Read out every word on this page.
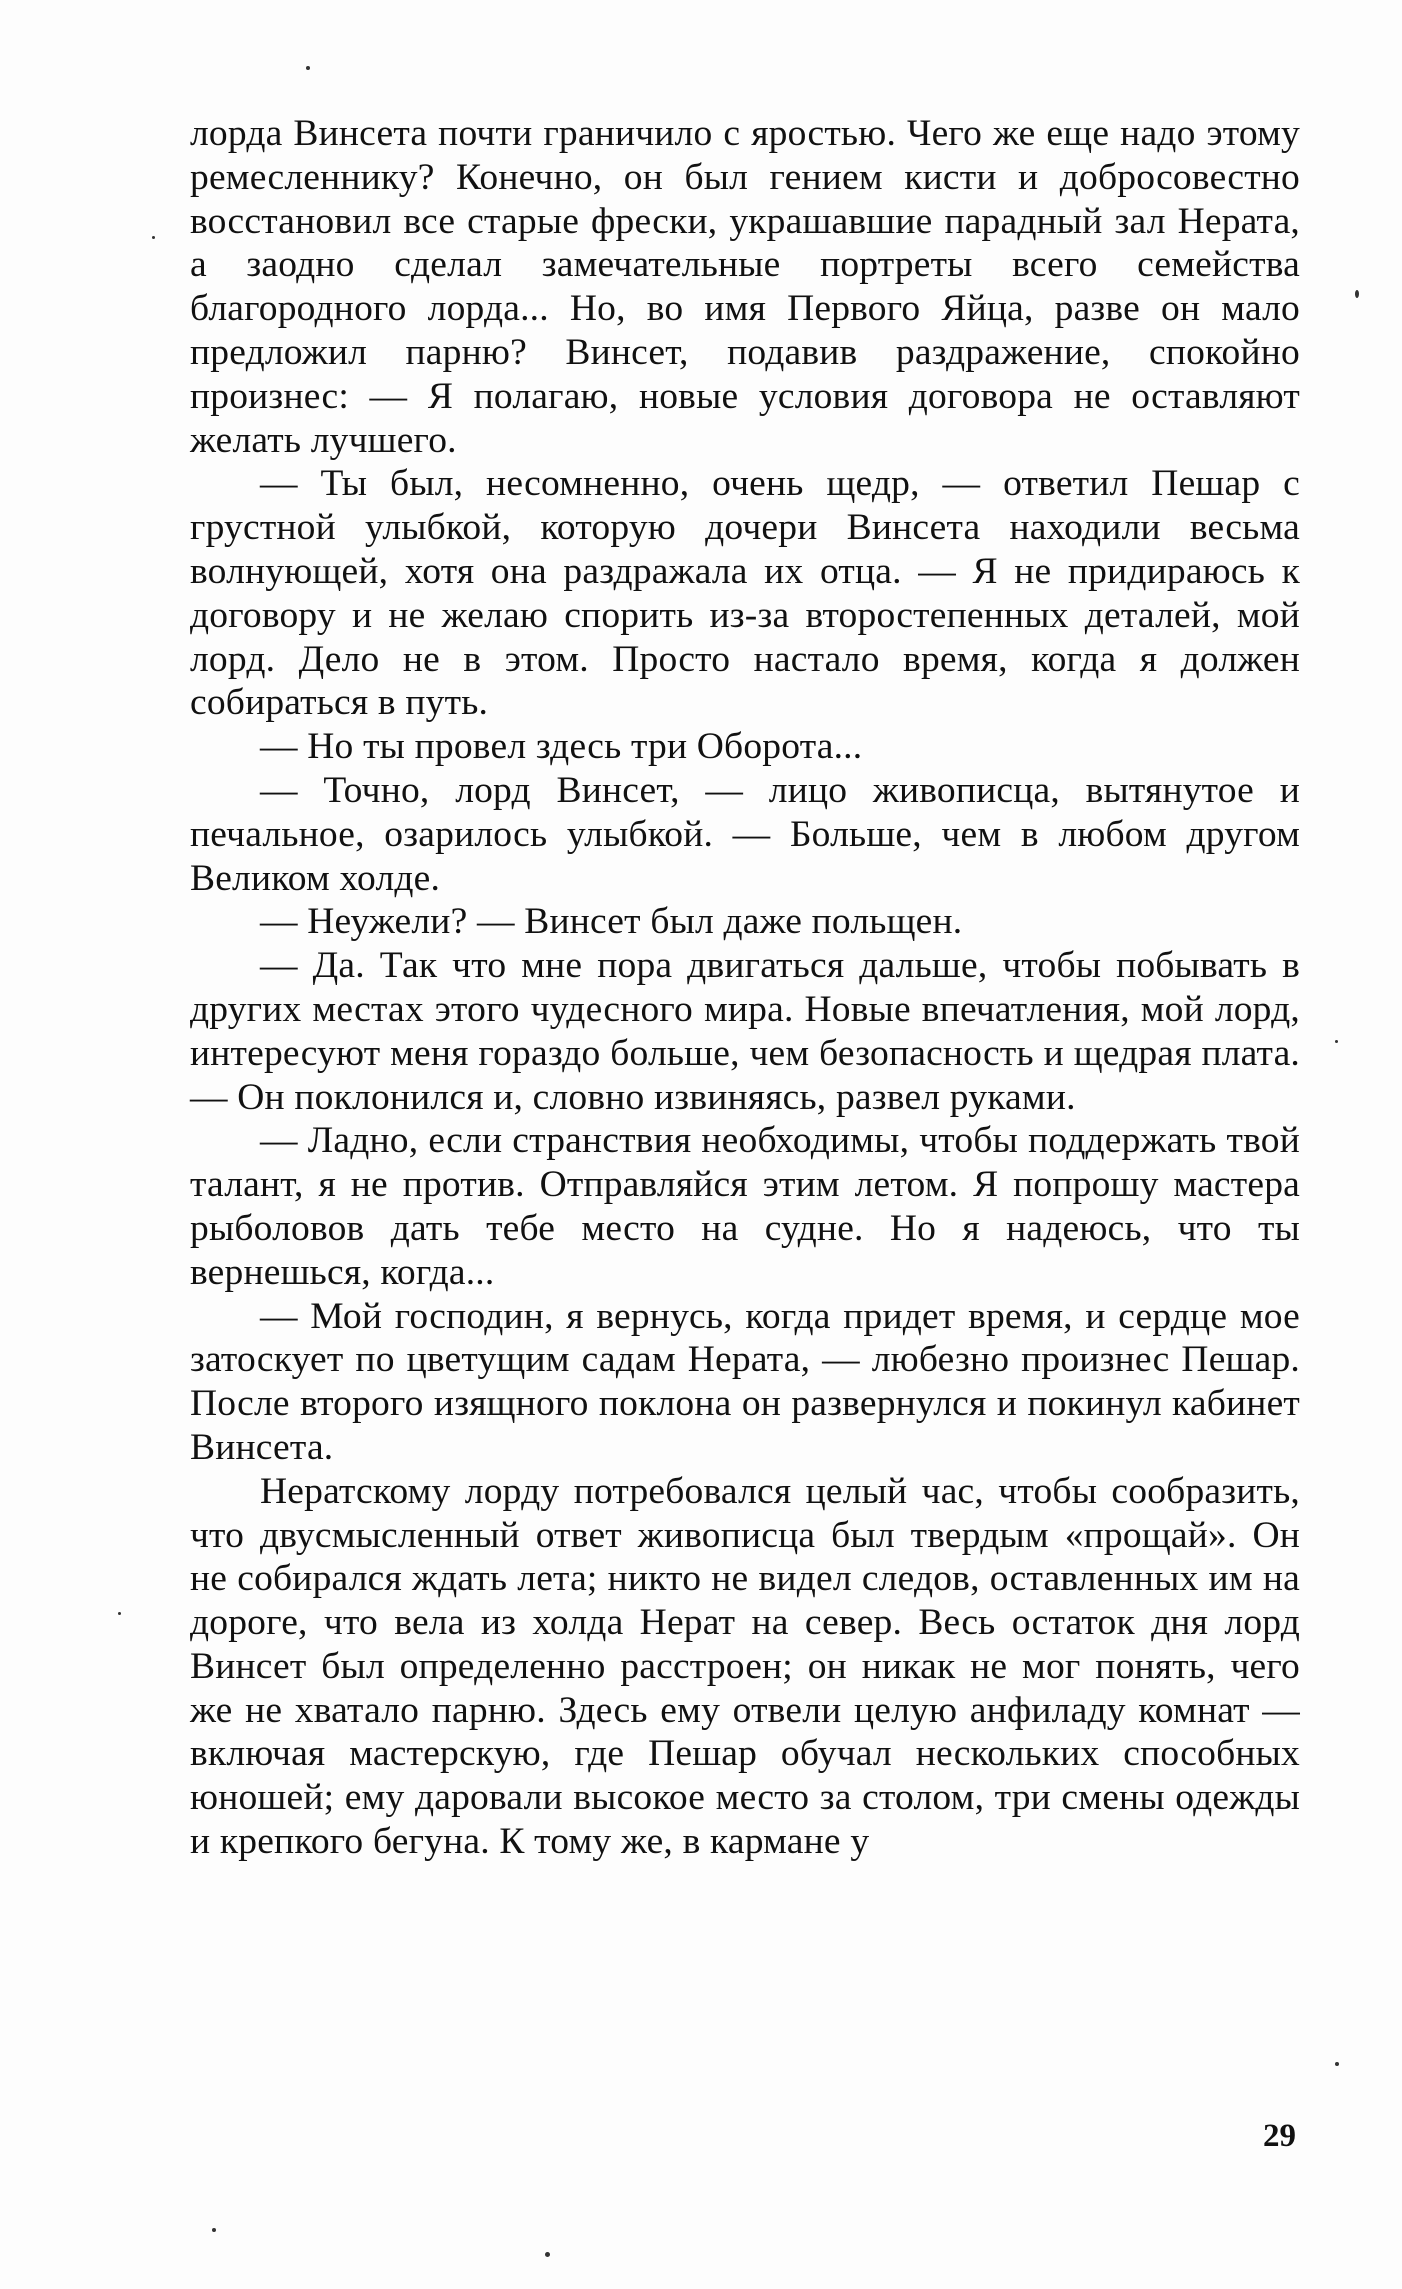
лорда Винсета почти граничило с яростью. Чего же еще надо этому ремесленнику? Конечно, он был гением кисти и добросовестно восстановил все старые фрески, украшавшие парадный зал Нерата, а заодно сделал замечательные портреты всего семейства благородного лорда... Но, во имя Первого Яйца, разве он мало предложил парню? Винсет, подавив раздражение, спокойно произнес: — Я полагаю, новые условия договора не оставляют желать лучшего.

— Ты был, несомненно, очень щедр, — ответил Пешар с грустной улыбкой, которую дочери Винсета находили весьма волнующей, хотя она раздражала их отца. — Я не придираюсь к договору и не желаю спорить из-за второстепенных деталей, мой лорд. Дело не в этом. Просто настало время, когда я должен собираться в путь.

— Но ты провел здесь три Оборота...

— Точно, лорд Винсет, — лицо живописца, вытянутое и печальное, озарилось улыбкой. — Больше, чем в любом другом Великом холде.

— Неужели? — Винсет был даже польщен.

— Да. Так что мне пора двигаться дальше, чтобы побывать в других местах этого чудесного мира. Новые впечатления, мой лорд, интересуют меня гораздо больше, чем безопасность и щедрая плата. — Он поклонился и, словно извиняясь, развел руками.

— Ладно, если странствия необходимы, чтобы поддержать твой талант, я не против. Отправляйся этим летом. Я попрошу мастера рыболовов дать тебе место на судне. Но я надеюсь, что ты вернешься, когда...

— Мой господин, я вернусь, когда придет время, и сердце мое затоскует по цветущим садам Нерата, — любезно произнес Пешар. После второго изящного поклона он развернулся и покинул кабинет Винсета.

Нератскому лорду потребовался целый час, чтобы сообразить, что двусмысленный ответ живописца был твердым «прощай». Он не собирался ждать лета; никто не видел следов, оставленных им на дороге, что вела из холда Нерат на север. Весь остаток дня лорд Винсет был определенно расстроен; он никак не мог понять, чего же не хватало парню. Здесь ему отвели целую анфиладу комнат — включая мастерскую, где Пешар обучал нескольких способных юношей; ему даровали высокое место за столом, три смены одежды и крепкого бегуна. К тому же, в кармане у

29
